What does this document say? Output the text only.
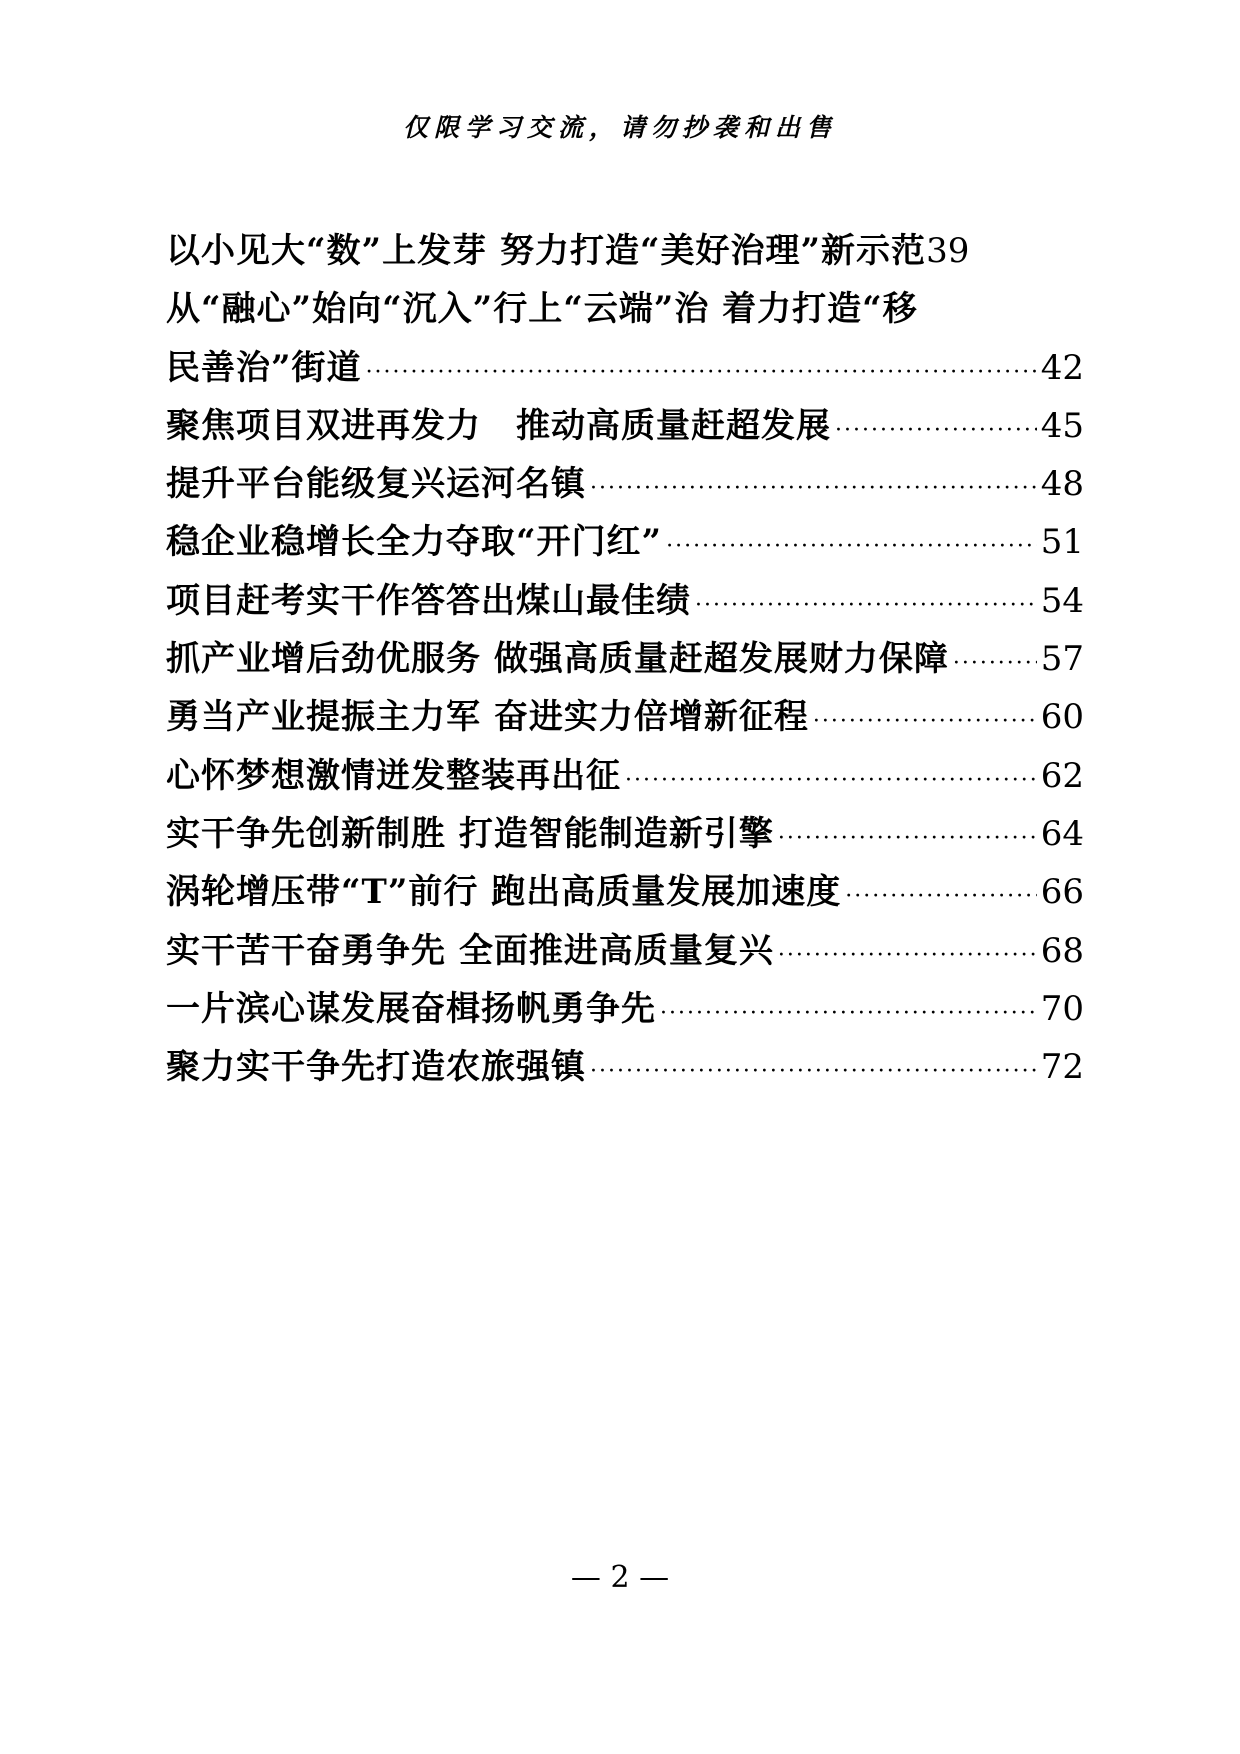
仅限学习交流，请勿抄袭和出售
以小见大“数”上发芽 努力打造“美好治理”新示范 39
从“融心”始向“沉入”行上“云端”治 着力打造“移
民善治”街道 ·····	42
聚焦项目双进再发力　推动高质量赶超发展 ·····	45
提升平台能级复兴运河名镇 ·····	48
稳企业稳增长全力夺取“开门红” ·····	51
项目赶考实干作答答出煤山最佳绩 ·····	54
抓产业增后劲优服务 做强高质量赶超发展财力保障 ·····	57
勇当产业提振主力军 奋进实力倍增新征程 ·····	60
心怀梦想激情迸发整装再出征 ·····	62
实干争先创新制胜 打造智能制造新引擎 ·····	64
涡轮增压带“T”前行 跑出高质量发展加速度 ·····	66
实干苦干奋勇争先 全面推进高质量复兴 ·····	68
一片滨心谋发展奋楫扬帆勇争先 ·····	70
聚力实干争先打造农旅强镇 ·····	72
— 2 —
